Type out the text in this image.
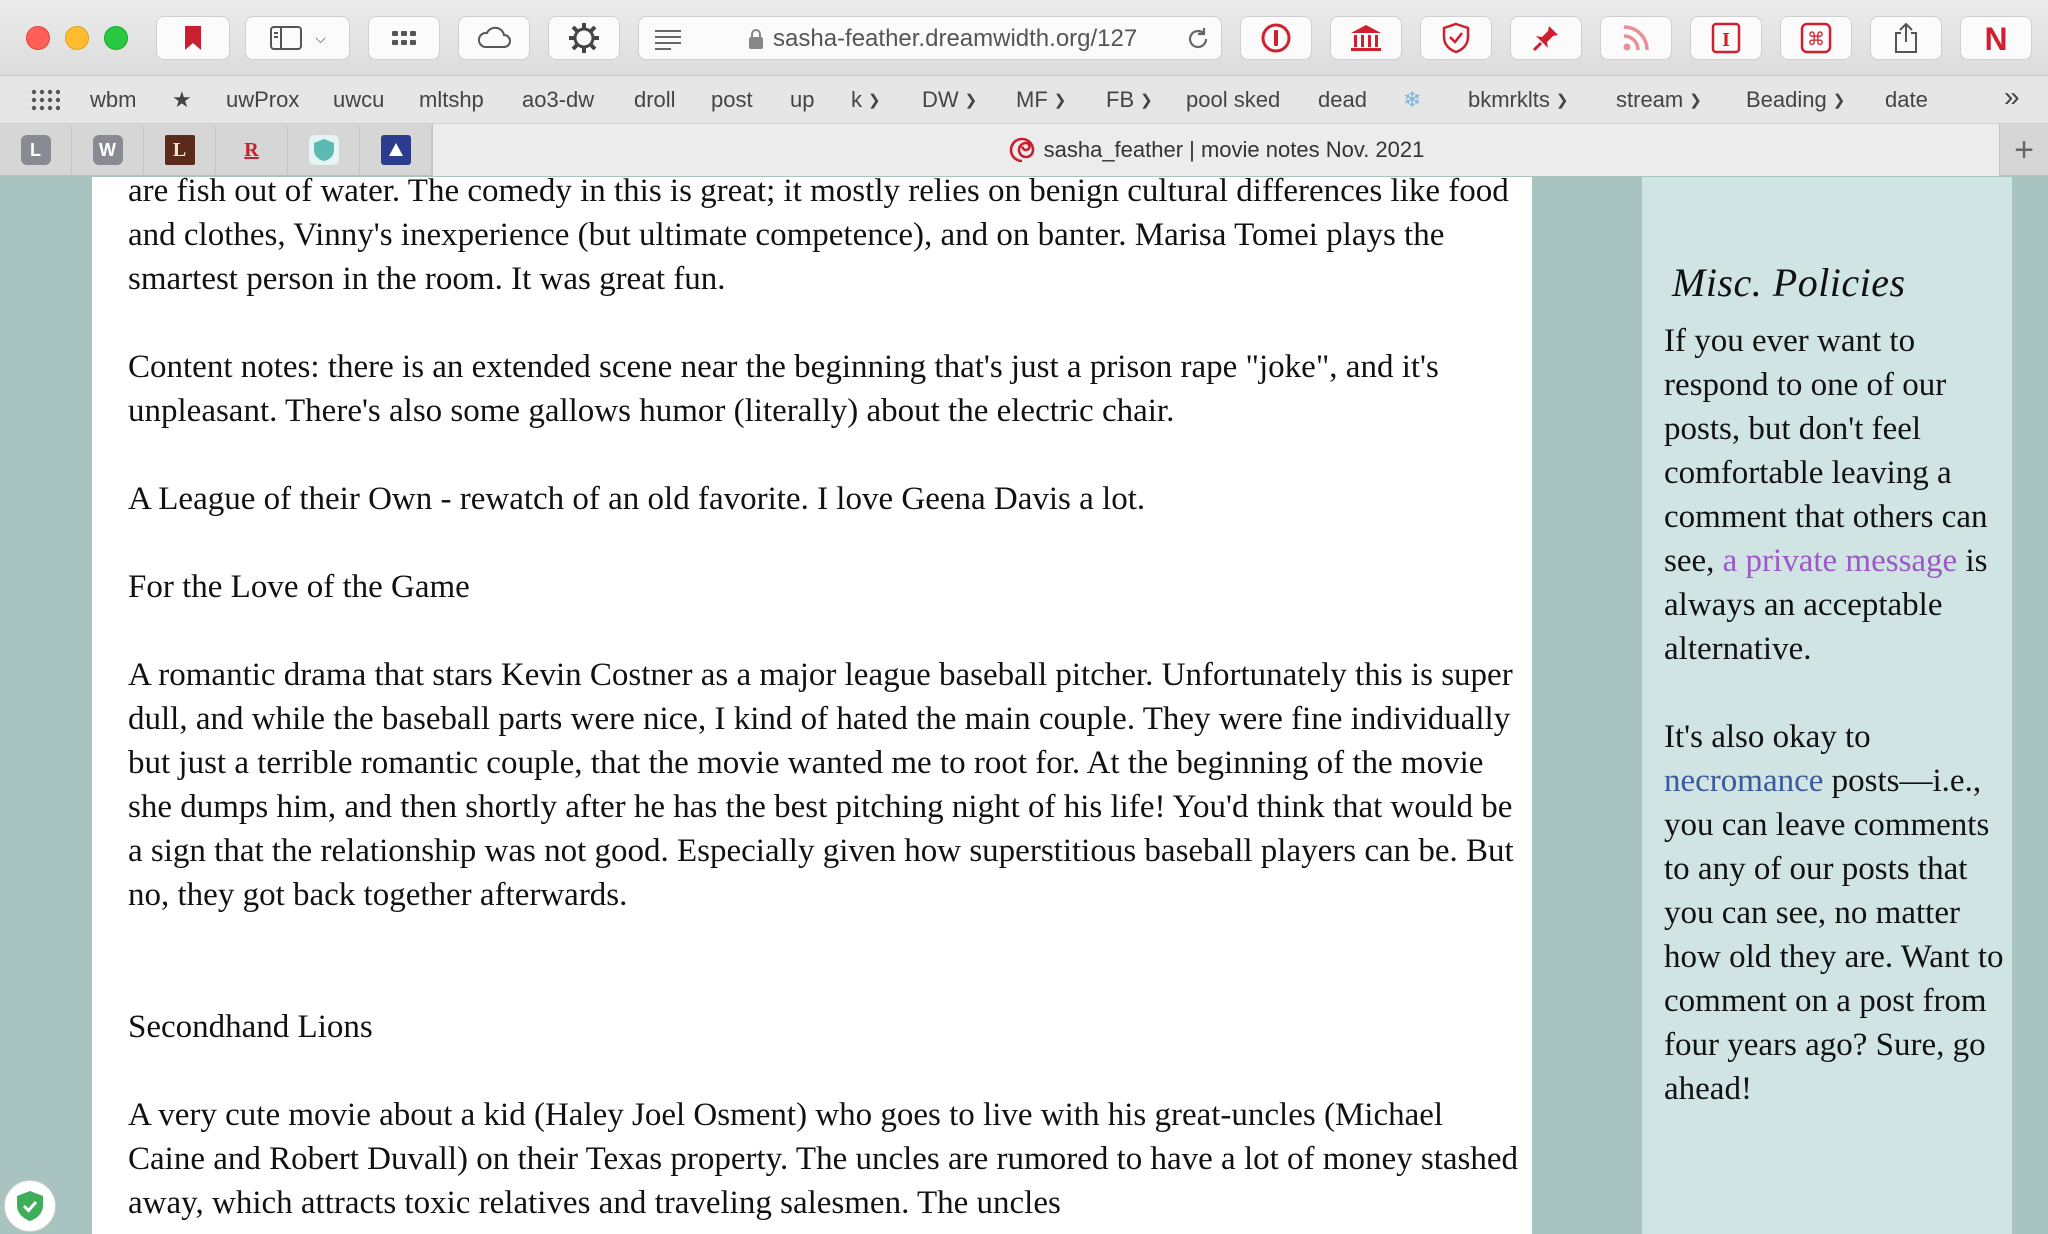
⌵	sasha-feather.dreamwidth.org/127	I	⌘	N
wbm ★ uwProx uwcu mltshp ao3-dw droll post up k ❯ DW ❯ MF ❯ FB ❯ pool sked dead ❄ bkmrklts ❯ stream ❯ Beading ❯ date	»
L	W	L	R	sasha_feather | movie notes Nov. 2021	+

are fish out of water. The comedy in this is great; it mostly relies on benign cultural differences like food and clothes, Vinny's inexperience (but ultimate competence), and on banter. Marisa Tomei plays the smartest person in the room. It was great fun.

Content notes: there is an extended scene near the beginning that's just a prison rape "joke", and it's unpleasant. There's also some gallows humor (literally) about the electric chair.

A League of their Own - rewatch of an old favorite. I love Geena Davis a lot.

For the Love of the Game

A romantic drama that stars Kevin Costner as a major league baseball pitcher. Unfortunately this is super dull, and while the baseball parts were nice, I kind of hated the main couple. They were fine individually but just a terrible romantic couple, that the movie wanted me to root for. At the beginning of the movie she dumps him, and then shortly after he has the best pitching night of his life! You'd think that would be a sign that the relationship was not good. Especially given how superstitious baseball players can be. But no, they got back together afterwards.

Secondhand Lions

A very cute movie about a kid (Haley Joel Osment) who goes to live with his great-uncles (Michael Caine and Robert Duvall) on their Texas property. The uncles are rumored to have a lot of money stashed away, which attracts toxic relatives and traveling salesmen. The uncles

Misc. Policies

If you ever want to respond to one of our posts, but don't feel comfortable leaving a comment that others can see, a private message is always an acceptable alternative.

It's also okay to necromance posts—i.e., you can leave comments to any of our posts that you can see, no matter how old they are. Want to comment on a post from four years ago? Sure, go ahead!
